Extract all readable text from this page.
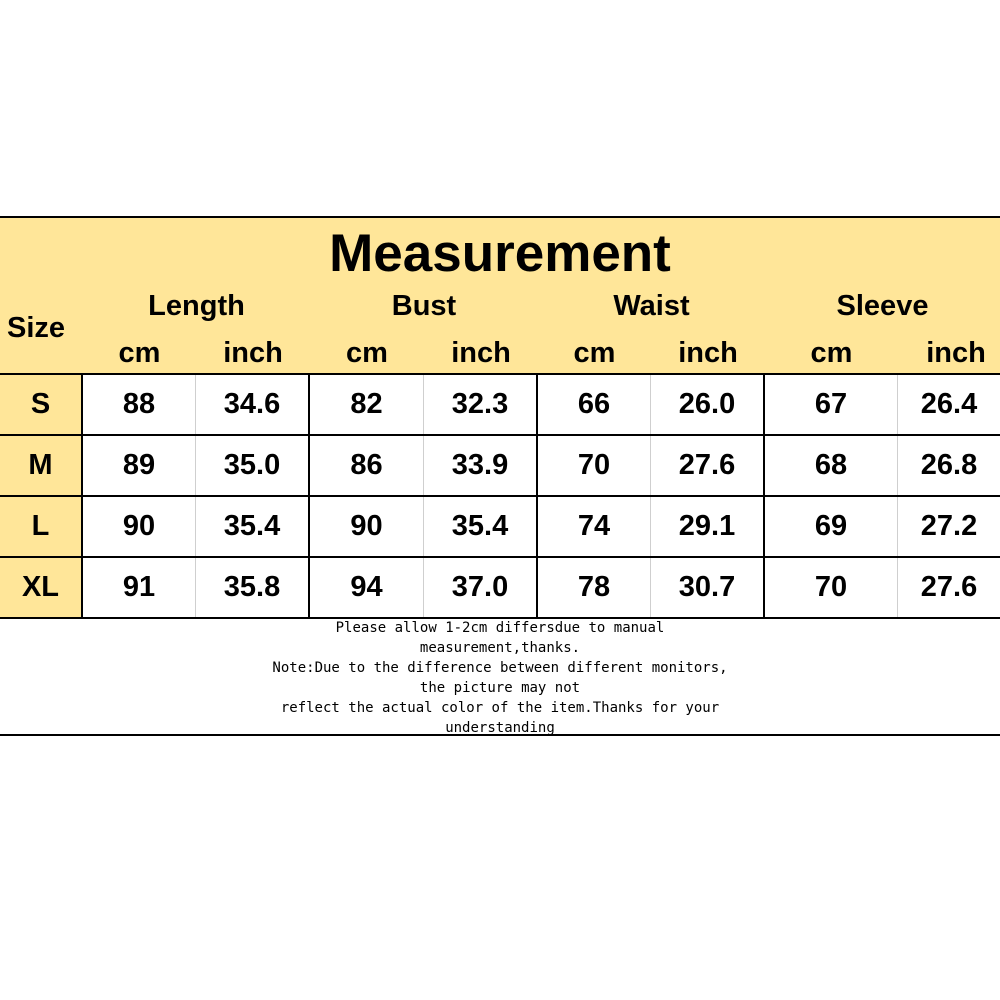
Measurement
Size
Length	Bust	Waist	Sleeve
cm	inch	cm	inch	cm	inch	cm	inch
S	88	34.6	82	32.3	66	26.0	67	26.4
M	89	35.0	86	33.9	70	27.6	68	26.8
L	90	35.4	90	35.4	74	29.1	69	27.2
XL	91	35.8	94	37.0	78	30.7	70	27.6
Please allow 1-2cm differsdue to manual
measurement,thanks.
Note:Due to the difference between different monitors,
the picture may not
reflect the actual color of the item.Thanks for your
understanding
